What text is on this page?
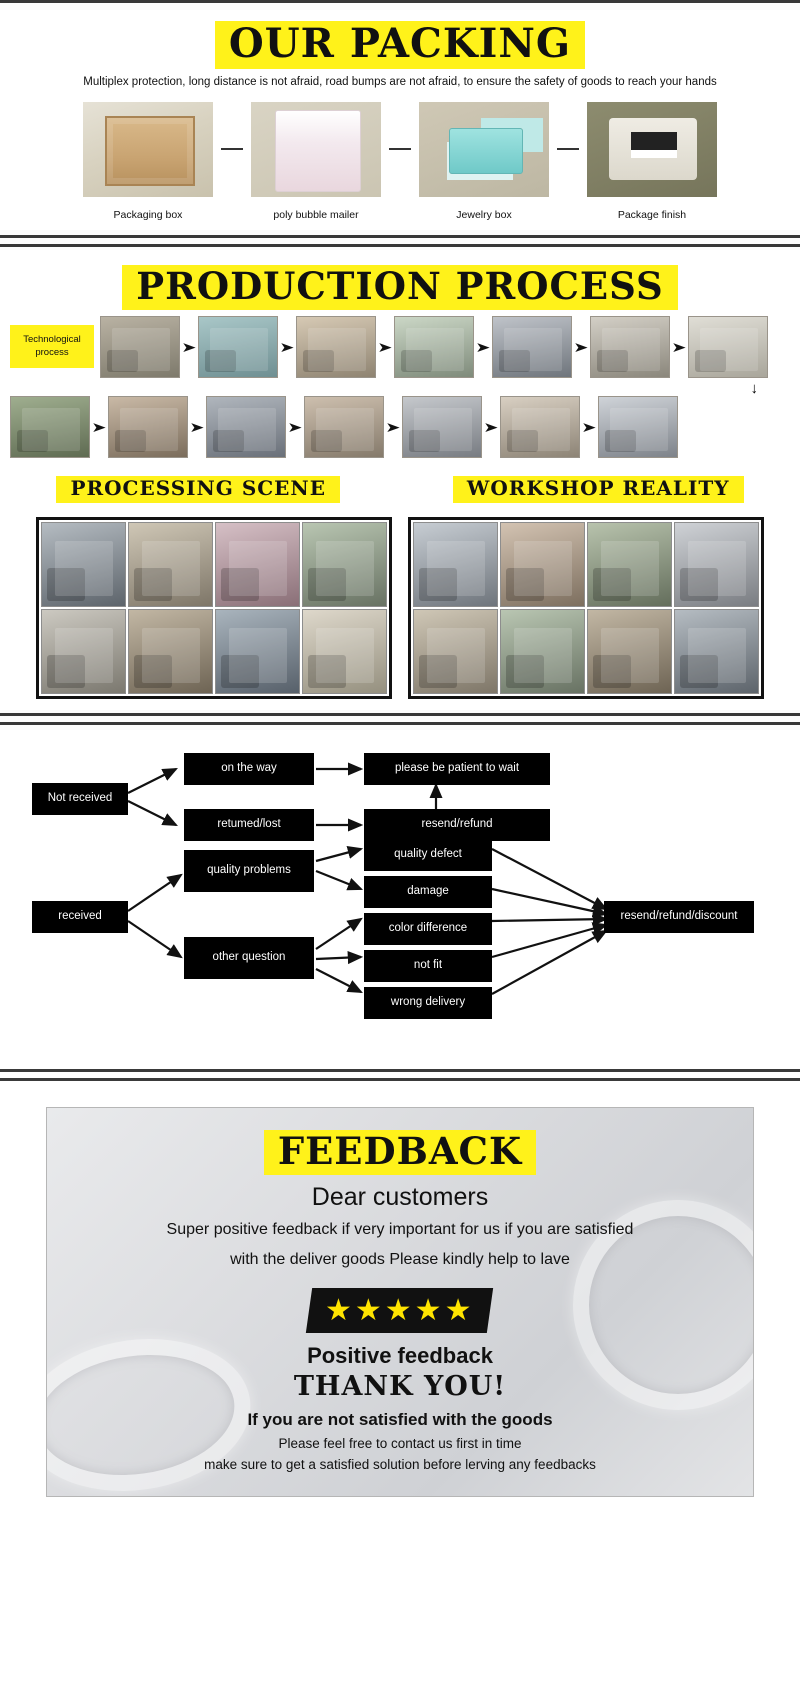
OUR PACKING
Multiplex protection, long distance is not afraid, road bumps are not afraid, to ensure the safety of goods to reach your hands
Packaging box	poly bubble mailer	Jewelry box	Package finish
PRODUCTION PROCESS
Technological process	➤	➤	➤	➤	➤	➤
↓
➤	➤	➤	➤	➤	➤
PROCESSING SCENE	WORKSHOP REALITY
Not received
on the way
retumed/lost
please be patient to wait
resend/refund
received
quality problems
other question
quality defect
damage
color difference
not fit
wrong delivery
resend/refund/discount
FEEDBACK
Dear customers
Super positive feedback if very important for us if you are satisfied
with the deliver goods Please kindly help to lave
★★★★★
Positive feedback
THANK YOU!
If you are not satisfied with the goods
Please feel free to contact us first in time
make sure to get a satisfied solution before lerving any feedbacks
